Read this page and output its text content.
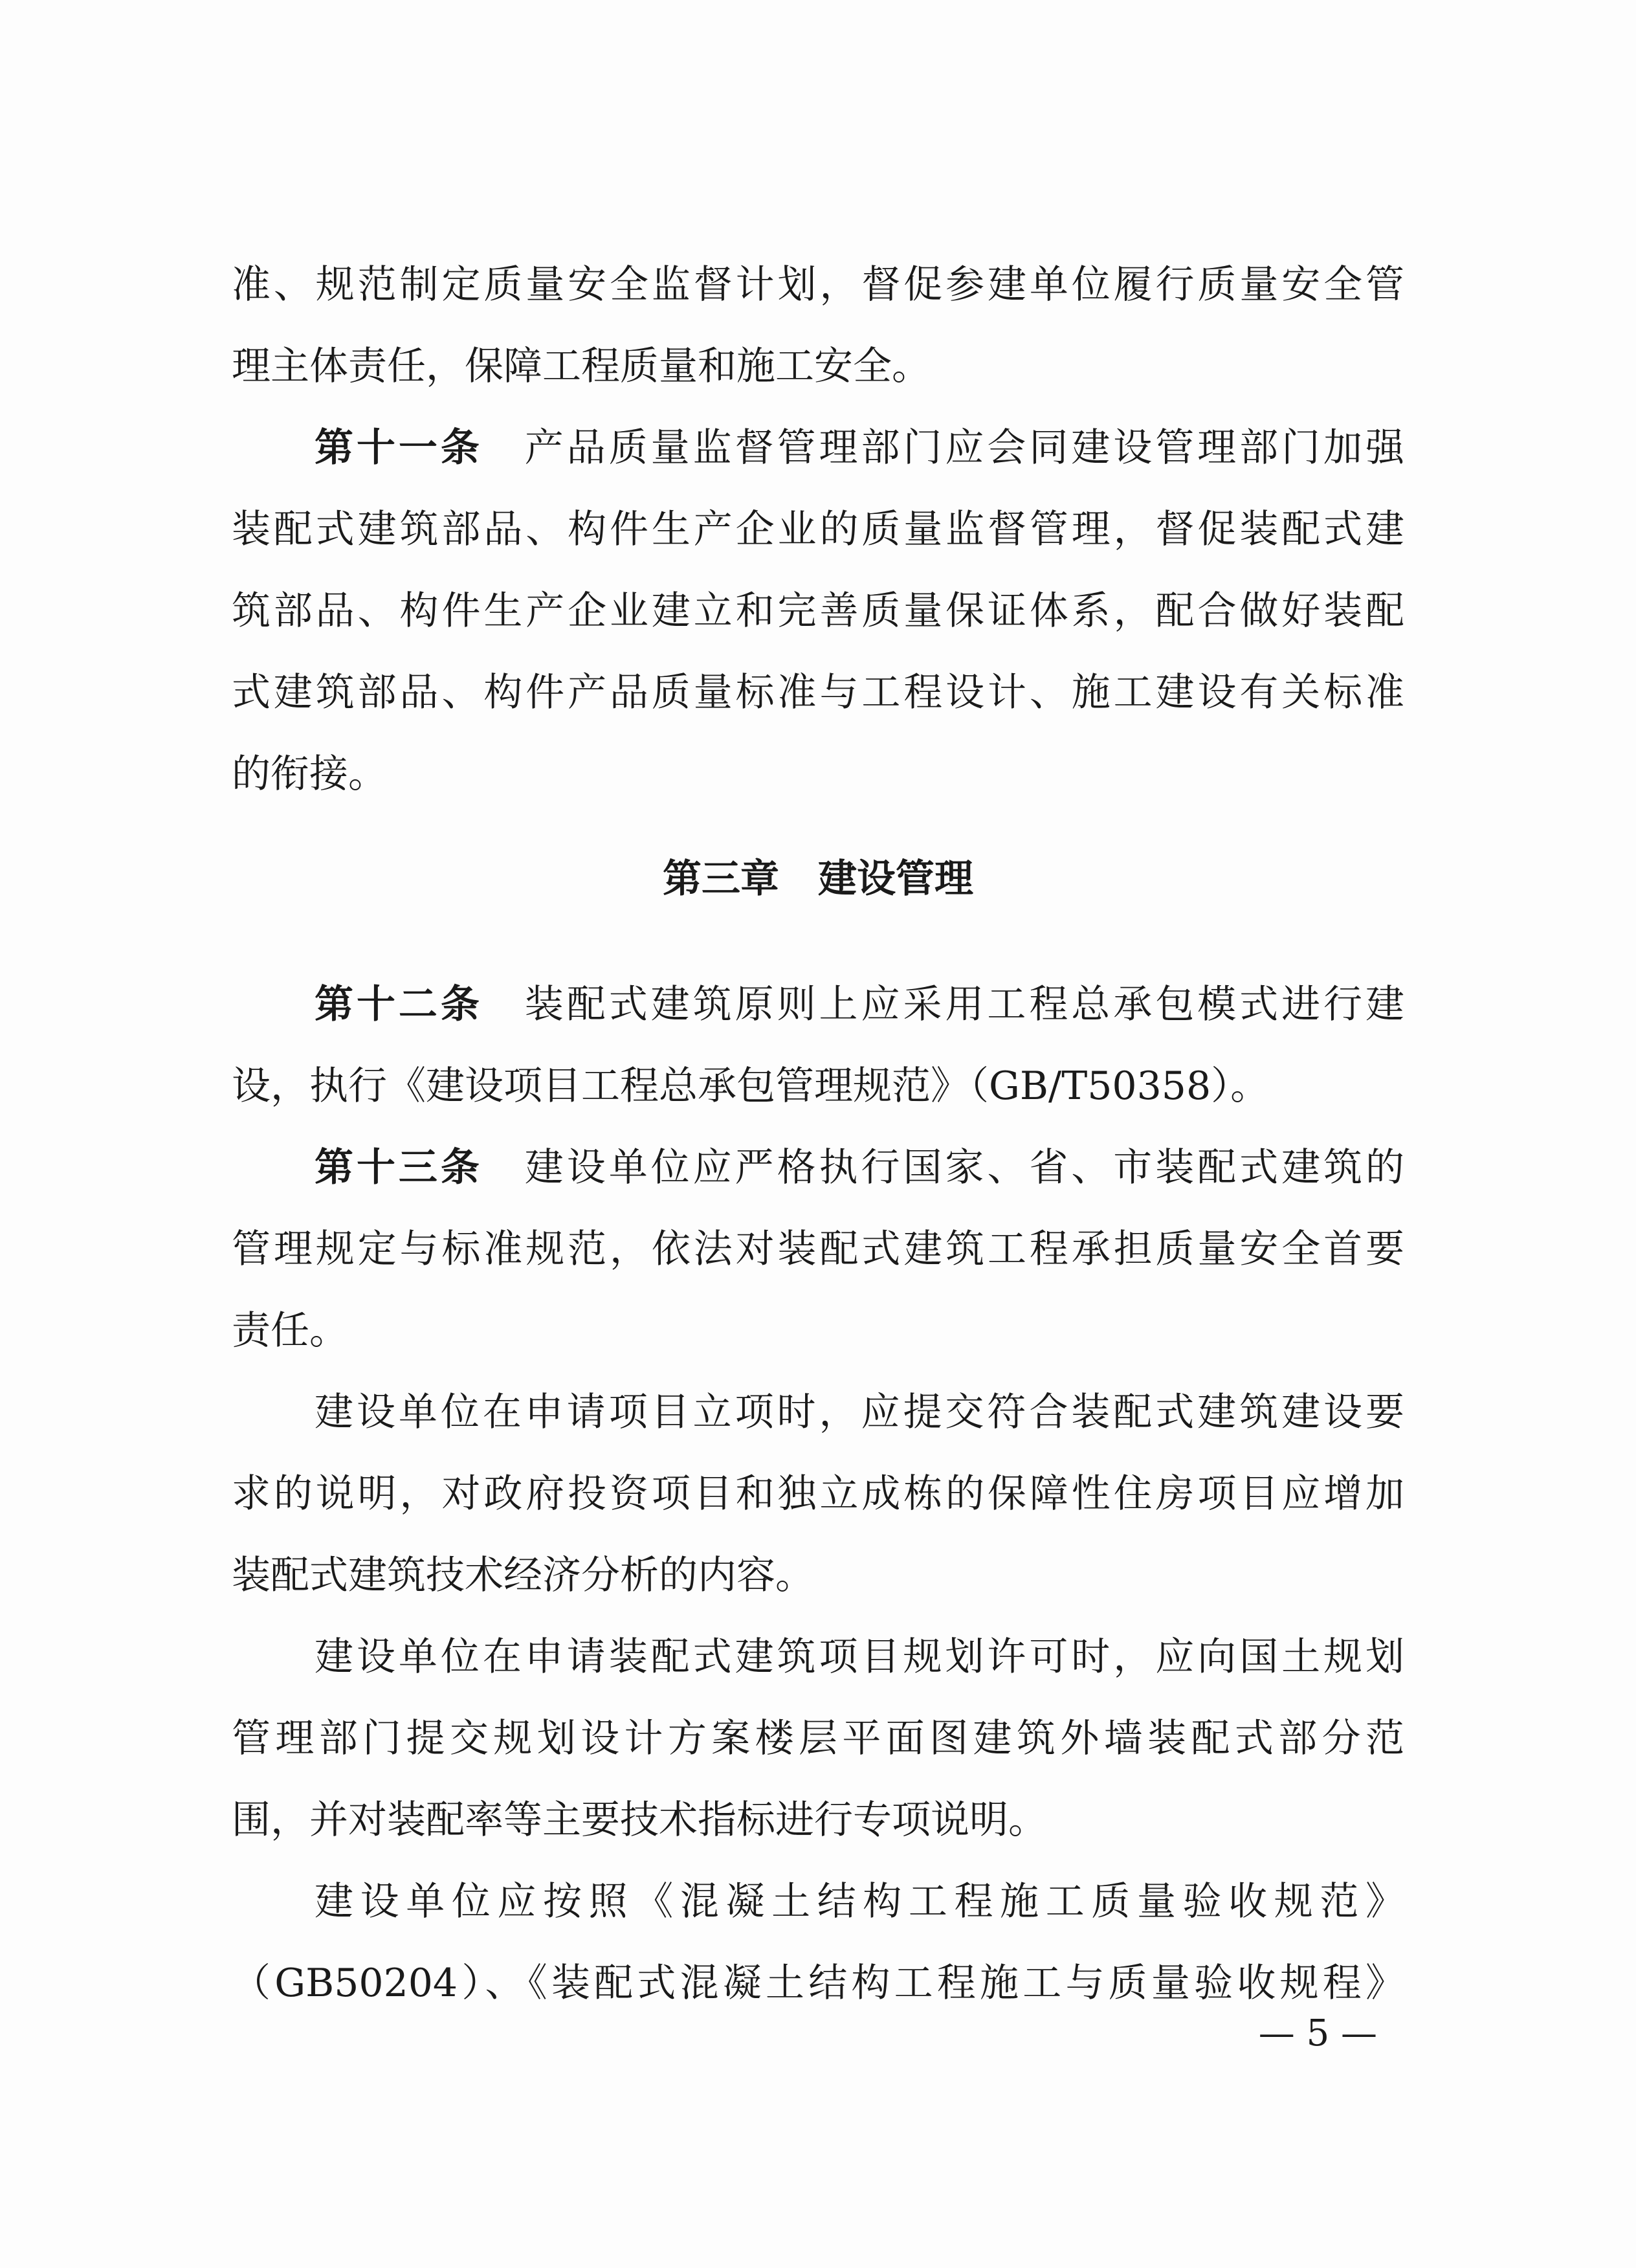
准、规范制定质量安全监督计划，督促参建单位履行质量安全管
理主体责任，保障工程质量和施工安全。
第十一条 产品质量监督管理部门应会同建设管理部门加强
装配式建筑部品、构件生产企业的质量监督管理，督促装配式建
筑部品、构件生产企业建立和完善质量保证体系，配合做好装配
式建筑部品、构件产品质量标准与工程设计、施工建设有关标准
的衔接。
第三章　建设管理
第十二条 装配式建筑原则上应采用工程总承包模式进行建
设，执行《建设项目工程总承包管理规范》（GB/T50358）。
第十三条 建设单位应严格执行国家、省、市装配式建筑的
管理规定与标准规范，依法对装配式建筑工程承担质量安全首要
责任。
建设单位在申请项目立项时，应提交符合装配式建筑建设要
求的说明，对政府投资项目和独立成栋的保障性住房项目应增加
装配式建筑技术经济分析的内容。
建设单位在申请装配式建筑项目规划许可时，应向国土规划
管理部门提交规划设计方案楼层平面图建筑外墙装配式部分范
围，并对装配率等主要技术指标进行专项说明。
建设单位应按照《混凝土结构工程施工质量验收规范》
（GB50204）、《装配式混凝土结构工程施工与质量验收规程》
— 5 —
